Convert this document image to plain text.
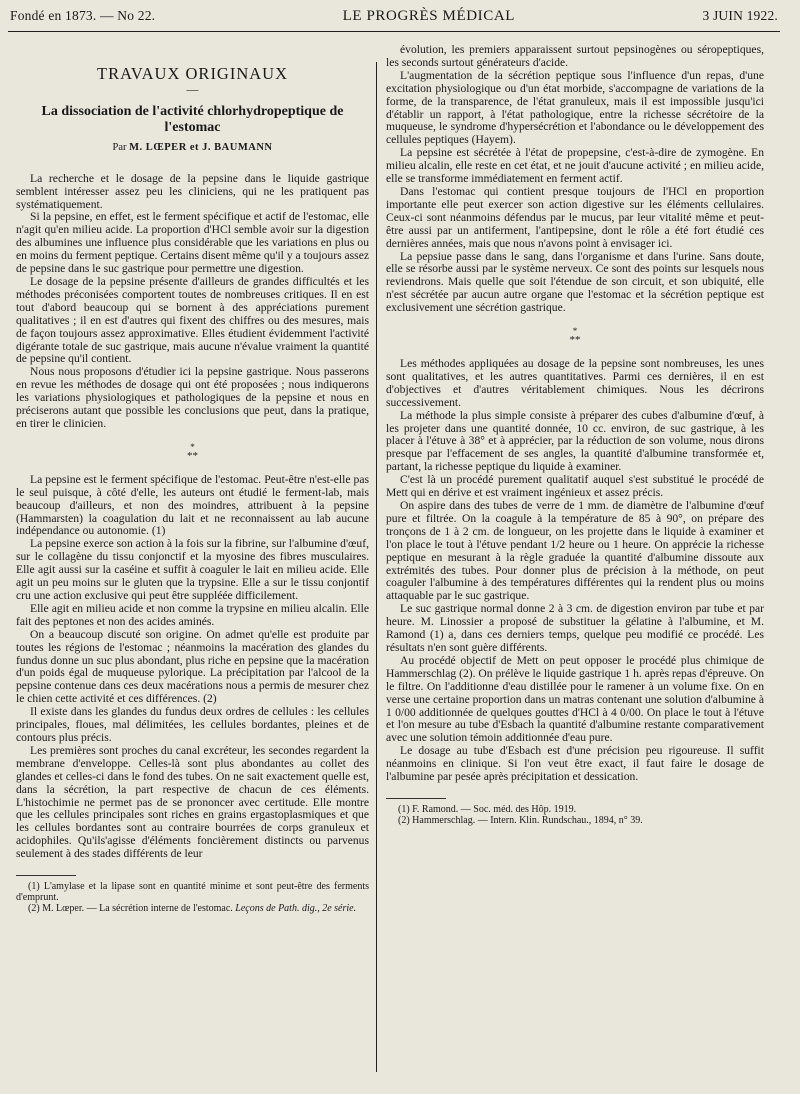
Fondé en 1873. — No 22.	LE PROGRÈS MÉDICAL	3 JUIN 1922.
TRAVAUX ORIGINAUX
—
La dissociation de l'activité chlorhydropeptique de l'estomac
Par M. LŒPER et J. BAUMANN

La recherche et le dosage de la pepsine dans le liquide gastrique semblent intéresser assez peu les cliniciens, qui ne les pratiquent pas systématiquement.

Si la pepsine, en effet, est le ferment spécifique et actif de l'estomac, elle n'agit qu'en milieu acide. La proportion d'HCl semble avoir sur la digestion des albumines une influence plus considérable que les variations en plus ou en moins du ferment peptique. Certains disent même qu'il y a toujours assez de pepsine dans le suc gastrique pour permettre une digestion.

Le dosage de la pepsine présente d'ailleurs de grandes difficultés et les méthodes préconisées comportent toutes de nombreuses critiques. Il en est tout d'abord beaucoup qui se bornent à des appréciations purement qualitatives ; il en est d'autres qui fixent des chiffres ou des mesures, mais de façon toujours assez approximative. Elles étudient évidemment l'activité digérante totale de suc gastrique, mais aucune n'évalue vraiment la quantité de pepsine qu'il contient.

Nous nous proposons d'étudier ici la pepsine gastrique. Nous passerons en revue les méthodes de dosage qui ont été proposées ; nous indiquerons les variations physiologiques et pathologiques de la pepsine et nous en préciserons autant que possible les conclusions que peut, dans la pratique, en tirer le clinicien.

*
**

La pepsine est le ferment spécifique de l'estomac. Peut-être n'est-elle pas le seul puisque, à côté d'elle, les auteurs ont étudié le ferment-lab, mais beaucoup d'ailleurs, et non des moindres, attribuent à la pepsine (Hammarsten) la coagulation du lait et ne reconnaissent au lab aucune indépendance ou autonomie. (1)

La pepsine exerce son action à la fois sur la fibrine, sur l'albumine d'œuf, sur le collagène du tissu conjonctif et la myosine des fibres musculaires. Elle agit aussi sur la caséine et suffit à coaguler le lait en milieu acide. Elle agit un peu moins sur le gluten que la trypsine. Elle a sur le tissu conjontif cru une action exclusive qui peut être suppléée difficilement.

Elle agit en milieu acide et non comme la trypsine en milieu alcalin. Elle fait des peptones et non des acides aminés.

On a beaucoup discuté son origine. On admet qu'elle est produite par toutes les régions de l'estomac ; néanmoins la macération des glandes du fundus donne un suc plus abondant, plus riche en pepsine que la macération d'un poids égal de muqueuse pylorique. La précipitation par l'alcool de la pepsine contenue dans ces deux macérations nous a permis de mesurer chez le chien cette activité et ces différences. (2)

Il existe dans les glandes du fundus deux ordres de cellules : les cellules principales, floues, mal délimitées, les cellules bordantes, pleines et de contours plus précis.

Les premières sont proches du canal excréteur, les secondes regardent la membrane d'enveloppe. Celles-là sont plus abondantes au collet des glandes et celles-ci dans le fond des tubes. On ne sait exactement quelle est, dans la sécrétion, la part respective de chacun de ces éléments. L'histochimie ne permet pas de se prononcer avec certitude. Elle montre que les cellules principales sont riches en grains ergastoplasmiques et que les cellules bordantes sont au contraire bourrées de corps granuleux et acidophiles. Qu'ils'agisse d'éléments foncièrement distincts ou parvenus seulement à des stades différents de leur

(1) L'amylase et la lipase sont en quantité minime et sont peut-être des ferments d'emprunt.

(2) M. Lœper. — La sécrétion interne de l'estomac. Leçons de Path. dig., 2e série.

évolution, les premiers apparaissent surtout pepsinogènes ou séropeptiques, les seconds surtout générateurs d'acide.

L'augmentation de la sécrétion peptique sous l'influence d'un repas, d'une excitation physiologique ou d'un état morbide, s'accompagne de variations de la forme, de la transparence, de l'état granuleux, mais il est impossible jusqu'ici d'établir un rapport, à l'état pathologique, entre la richesse sécrétoire de la muqueuse, le syndrome d'hypersécrétion et l'abondance ou le développement des cellules peptiques (Hayem).

La pepsine est sécrétée à l'état de propepsine, c'est-à-dire de zymogène. En milieu alcalin, elle reste en cet état, et ne jouit d'aucune activité ; en milieu acide, elle se transforme immédiatement en ferment actif.

Dans l'estomac qui contient presque toujours de l'HCl en proportion importante elle peut exercer son action digestive sur les éléments cellulaires. Ceux-ci sont néanmoins défendus par le mucus, par leur vitalité même et peut-être aussi par un antiferment, l'antipepsine, dont le rôle a été fort étudié ces dernières années, mais que nous n'avons point à envisager ici.

La pepsiue passe dans le sang, dans l'organisme et dans l'urine. Sans doute, elle se résorbe aussi par le système nerveux. Ce sont des points sur lesquels nous reviendrons. Mais quelle que soit l'étendue de son circuit, et son ubiquité, elle n'est sécrétée par aucun autre organe que l'estomac et la sécrétion peptique est exclusivement une sécrétion gastrique.

*
**

Les méthodes appliquées au dosage de la pepsine sont nombreuses, les unes sont qualitatives, et les autres quantitatives. Parmi ces dernières, il en est d'objectives et d'autres véritablement chimiques. Nous les décrirons successivement.

La méthode la plus simple consiste à préparer des cubes d'albumine d'œuf, à les projeter dans une quantité donnée, 10 cc. environ, de suc gastrique, à les placer à l'étuve à 38° et à apprécier, par la réduction de son volume, nous dirons presque par l'effacement de ses angles, la quantité d'albumine transformée et, partant, la richesse peptique du liquide à examiner.

C'est là un procédé purement qualitatif auquel s'est substitué le procédé de Mett qui en dérive et est vraiment ingénieux et assez précis.

On aspire dans des tubes de verre de 1 mm. de diamètre de l'albumine d'œuf pure et filtrée. On la coagule à la température de 85 à 90°, on prépare des tronçons de 1 à 2 cm. de longueur, on les projette dans le liquide à examiner et l'on place le tout à l'étuve pendant 1/2 heure ou 1 heure. On apprécie la richesse peptique en mesurant à la règle graduée la quantité d'albumine dissoute aux extrémités des tubes. Pour donner plus de précision à la méthode, on peut coaguler l'albumine à des températures différentes qui la rendent plus ou moins attaquable par le suc gastrique.

Le suc gastrique normal donne 2 à 3 cm. de digestion environ par tube et par heure. M. Linossier a proposé de substituer la gélatine à l'albumine, et M. Ramond (1) a, dans ces derniers temps, quelque peu modifié ce procédé. Les résultats n'en sont guère différents.

Au procédé objectif de Mett on peut opposer le procédé plus chimique de Hammerschlag (2). On prélève le liquide gastrique 1 h. après repas d'épreuve. On le filtre. On l'additionne d'eau distillée pour le ramener à un volume fixe. On en verse une certaine proportion dans un matras contenant une solution d'albumine à 1 0/00 additionnée de quelques gouttes d'HCl à 4 0/00. On place le tout à l'étuve et l'on mesure au tube d'Esbach la quantité d'albumine restante comparativement avec une solution témoin additionnée d'eau pure.

Le dosage au tube d'Esbach est d'une précision peu rigoureuse. Il suffit néanmoins en clinique. Si l'on veut être exact, il faut faire le dosage de l'albumine par pesée après précipitation et dessication.

(1) F. Ramond. — Soc. méd. des Hôp. 1919.

(2) Hammerschlag. — Intern. Klin. Rundschau., 1894, n° 39.
